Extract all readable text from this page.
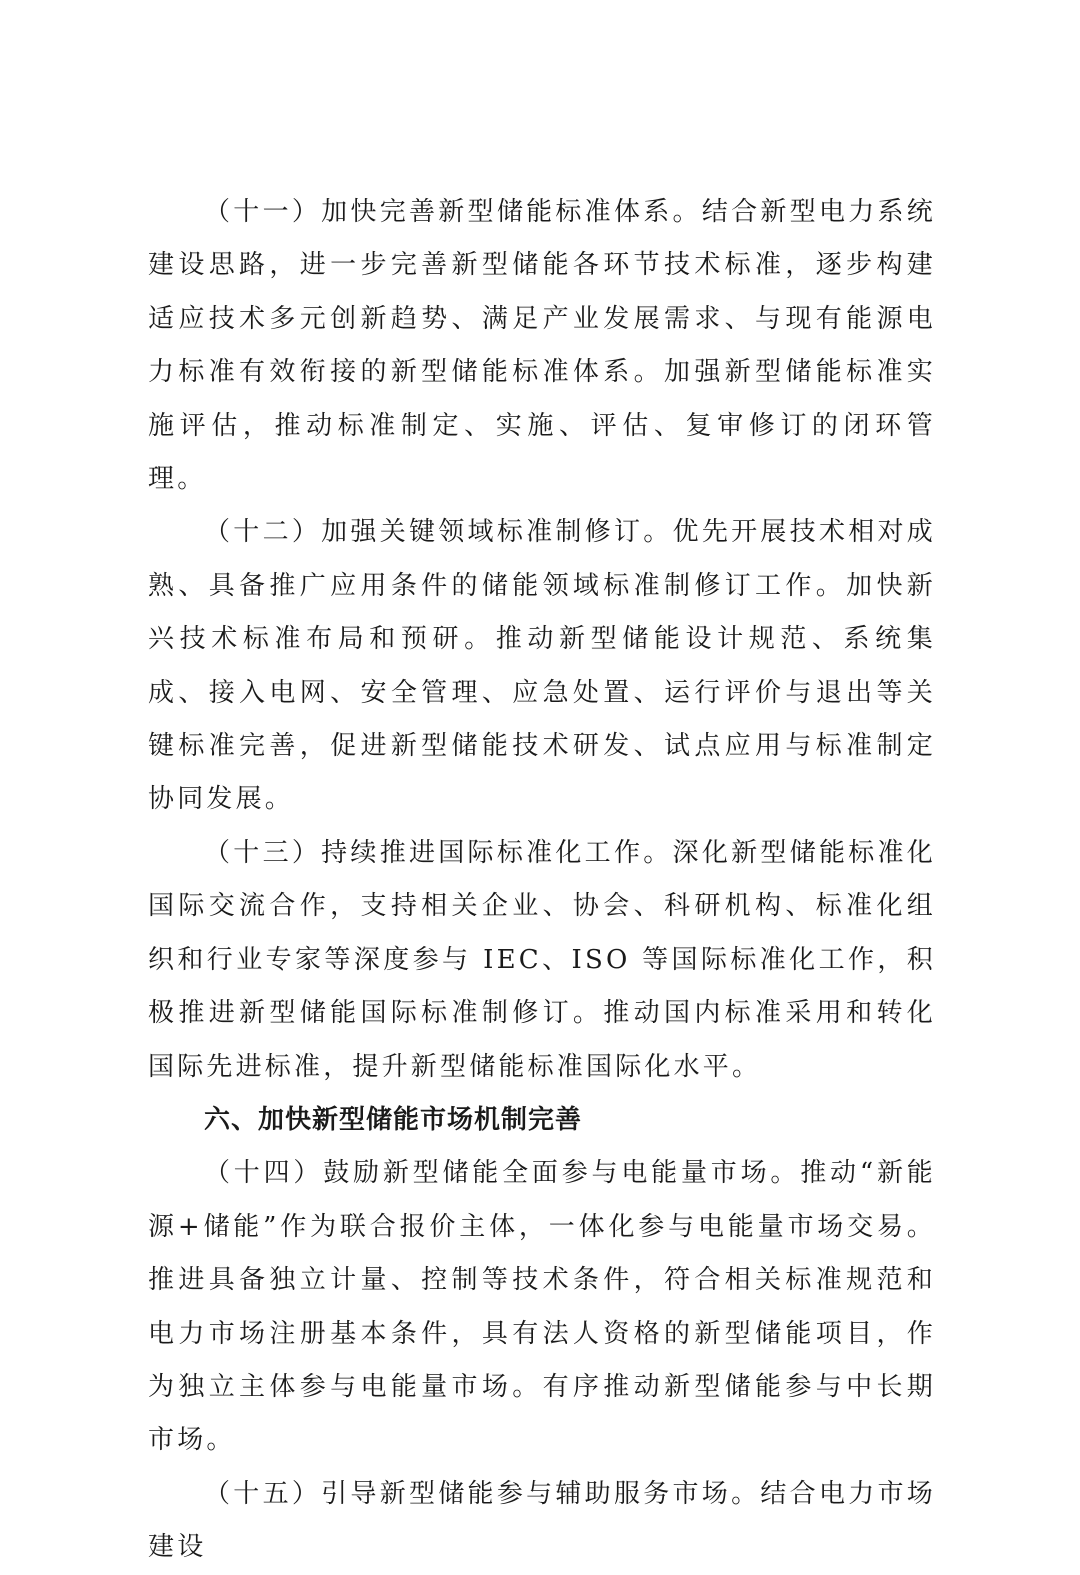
（十一）加快完善新型储能标准体系。结合新型电力系统建设思路，进一步完善新型储能各环节技术标准，逐步构建适应技术多元创新趋势、满足产业发展需求、与现有能源电力标准有效衔接的新型储能标准体系。加强新型储能标准实施评估，推动标准制定、实施、评估、复审修订的闭环管理。

（十二）加强关键领域标准制修订。优先开展技术相对成熟、具备推广应用条件的储能领域标准制修订工作。加快新兴技术标准布局和预研。推动新型储能设计规范、系统集成、接入电网、安全管理、应急处置、运行评价与退出等关键标准完善，促进新型储能技术研发、试点应用与标准制定协同发展。

（十三）持续推进国际标准化工作。深化新型储能标准化国际交流合作，支持相关企业、协会、科研机构、标准化组织和行业专家等深度参与 IEC、ISO 等国际标准化工作，积极推进新型储能国际标准制修订。推动国内标准采用和转化国际先进标准，提升新型储能标准国际化水平。

六、加快新型储能市场机制完善

（十四）鼓励新型储能全面参与电能量市场。推动“新能源+储能”作为联合报价主体，一体化参与电能量市场交易。推进具备独立计量、控制等技术条件，符合相关标准规范和电力市场注册基本条件，具有法人资格的新型储能项目，作为独立主体参与电能量市场。有序推动新型储能参与中长期市场。

（十五）引导新型储能参与辅助服务市场。结合电力市场建设
